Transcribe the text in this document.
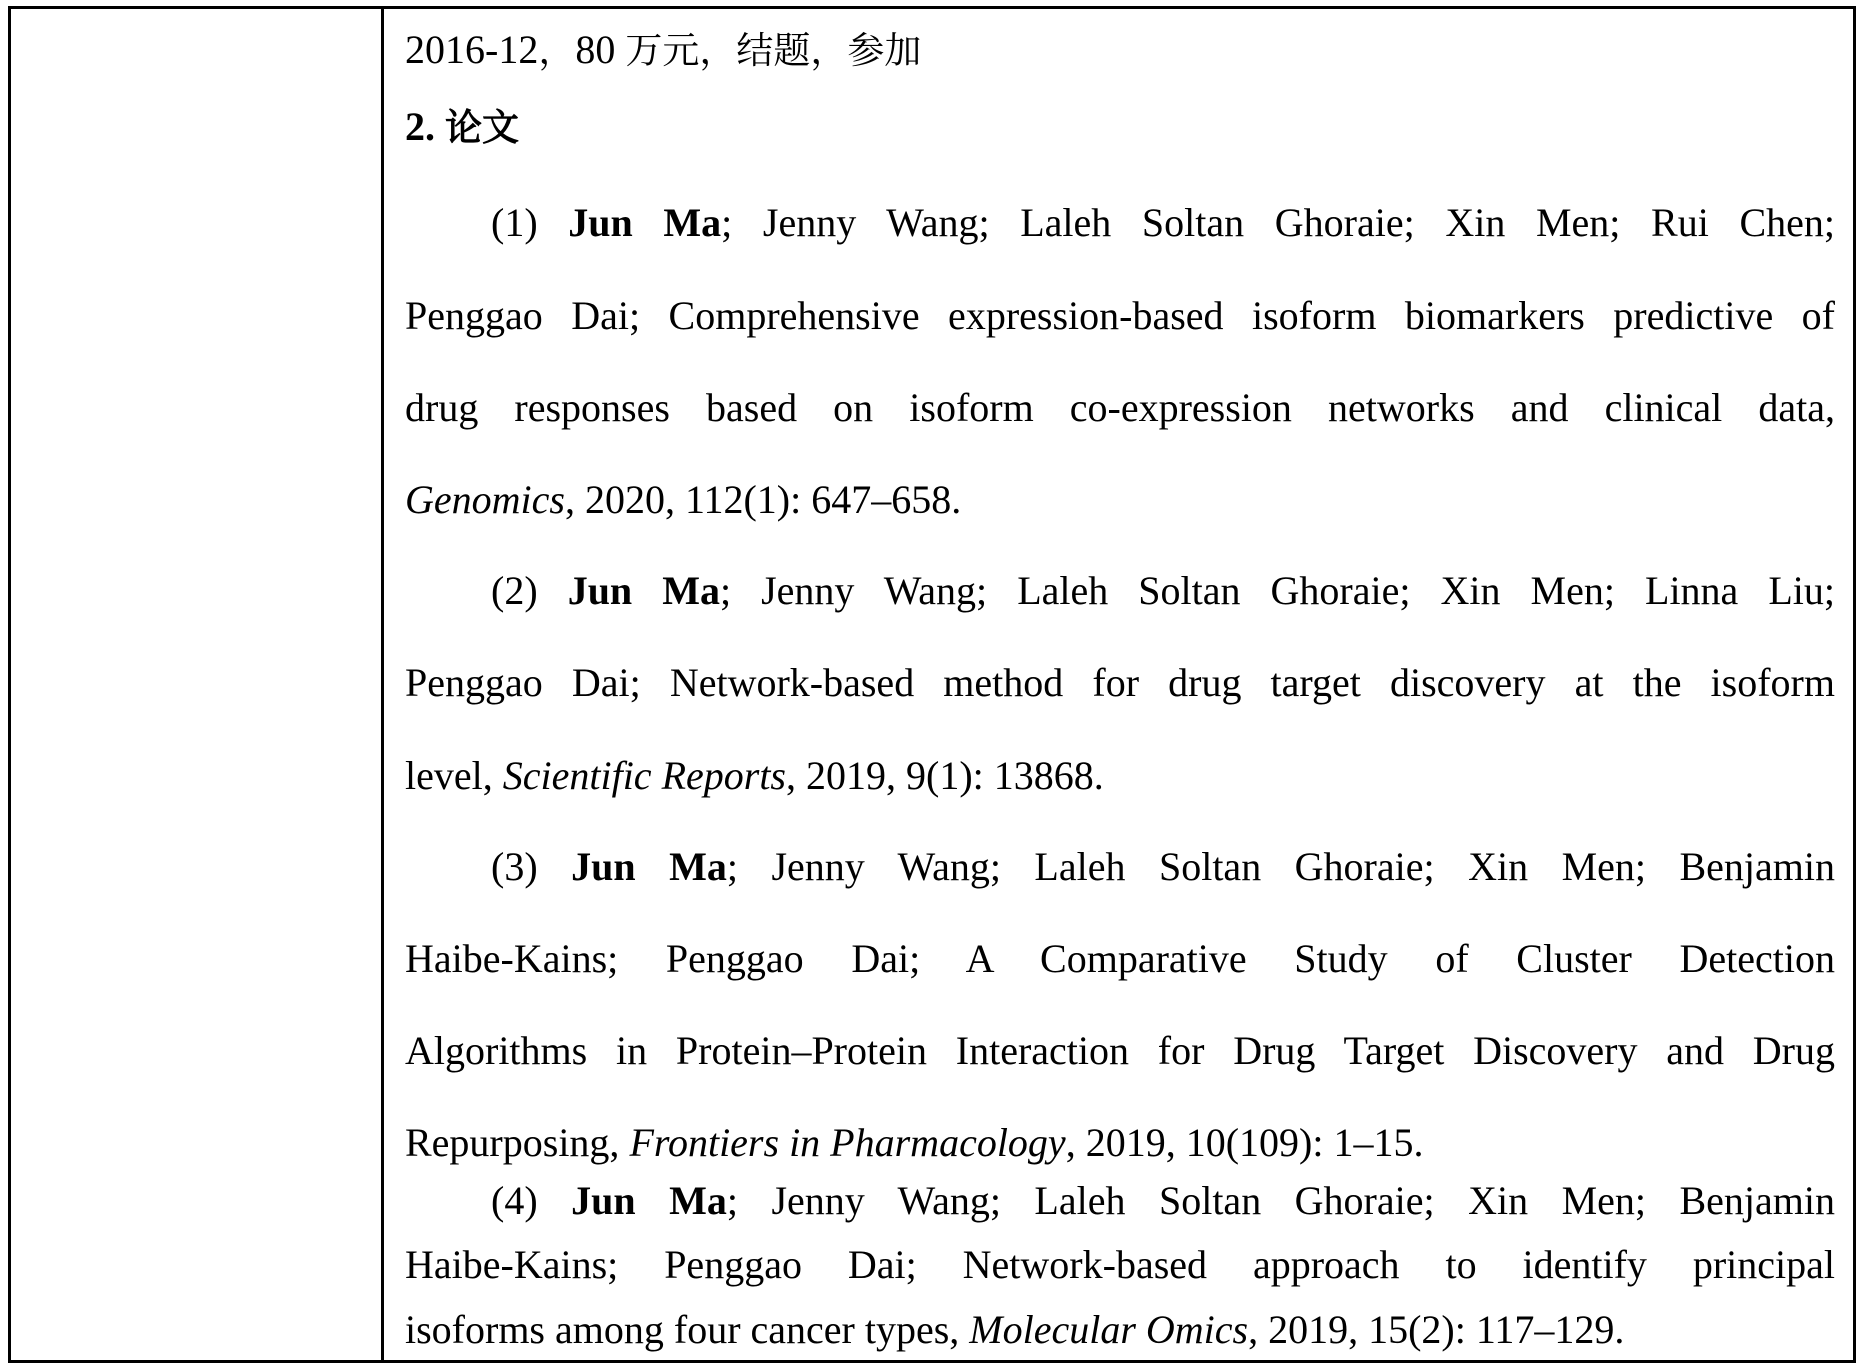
2016-12，80 万元，结题，参加
2. 论文
(1) Jun Ma; Jenny Wang; Laleh Soltan Ghoraie; Xin Men; Rui Chen;
Penggao Dai; Comprehensive expression-based isoform biomarkers predictive of
drug responses based on isoform co-expression networks and clinical data,
Genomics, 2020, 112(1): 647–658.
(2) Jun Ma; Jenny Wang; Laleh Soltan Ghoraie; Xin Men; Linna Liu;
Penggao Dai; Network-based method for drug target discovery at the isoform
level, Scientific Reports, 2019, 9(1): 13868.
(3) Jun Ma; Jenny Wang; Laleh Soltan Ghoraie; Xin Men; Benjamin
Haibe-Kains; Penggao Dai; A Comparative Study of Cluster Detection
Algorithms in Protein–Protein Interaction for Drug Target Discovery and Drug
Repurposing, Frontiers in Pharmacology, 2019, 10(109): 1–15.
(4) Jun Ma; Jenny Wang; Laleh Soltan Ghoraie; Xin Men; Benjamin
Haibe-Kains; Penggao Dai; Network-based approach to identify principal
isoforms among four cancer types, Molecular Omics, 2019, 15(2): 117–129.
